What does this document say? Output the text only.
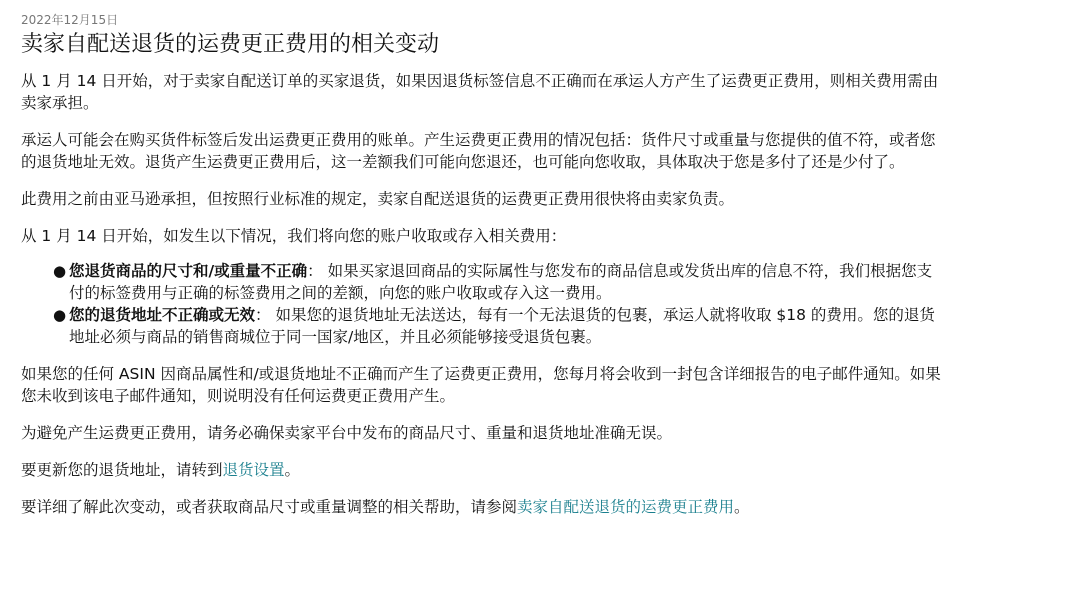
2022年12月15日

卖家自配送退货的运费更正费用的相关变动

从 1 月 14 日开始，对于卖家自配送订单的买家退货，如果因退货标签信息不正确而在承运人方产生了运费更正费用，则相关费用需由卖家承担。

承运人可能会在购买货件标签后发出运费更正费用的账单。产生运费更正费用的情况包括：货件尺寸或重量与您提供的值不符，或者您的退货地址无效。退货产生运费更正费用后，这一差额我们可能向您退还，也可能向您收取，具体取决于您是多付了还是少付了。

此费用之前由亚马逊承担，但按照行业标准的规定，卖家自配送退货的运费更正费用很快将由卖家负责。

从 1 月 14 日开始，如发生以下情况，我们将向您的账户收取或存入相关费用：

● 您退货商品的尺寸和/或重量不正确： 如果买家退回商品的实际属性与您发布的商品信息或发货出库的信息不符，我们根据您支付的标签费用与正确的标签费用之间的差额，向您的账户收取或存入这一费用。
● 您的退货地址不正确或无效： 如果您的退货地址无法送达，每有一个无法退货的包裹，承运人就将收取 $18 的费用。您的退货地址必须与商品的销售商城位于同一国家/地区，并且必须能够接受退货包裹。

如果您的任何 ASIN 因商品属性和/或退货地址不正确而产生了运费更正费用，您每月将会收到一封包含详细报告的电子邮件通知。如果您未收到该电子邮件通知，则说明没有任何运费更正费用产生。

为避免产生运费更正费用，请务必确保卖家平台中发布的商品尺寸、重量和退货地址准确无误。

要更新您的退货地址，请转到退货设置。

要详细了解此次变动，或者获取商品尺寸或重量调整的相关帮助，请参阅卖家自配送退货的运费更正费用。
